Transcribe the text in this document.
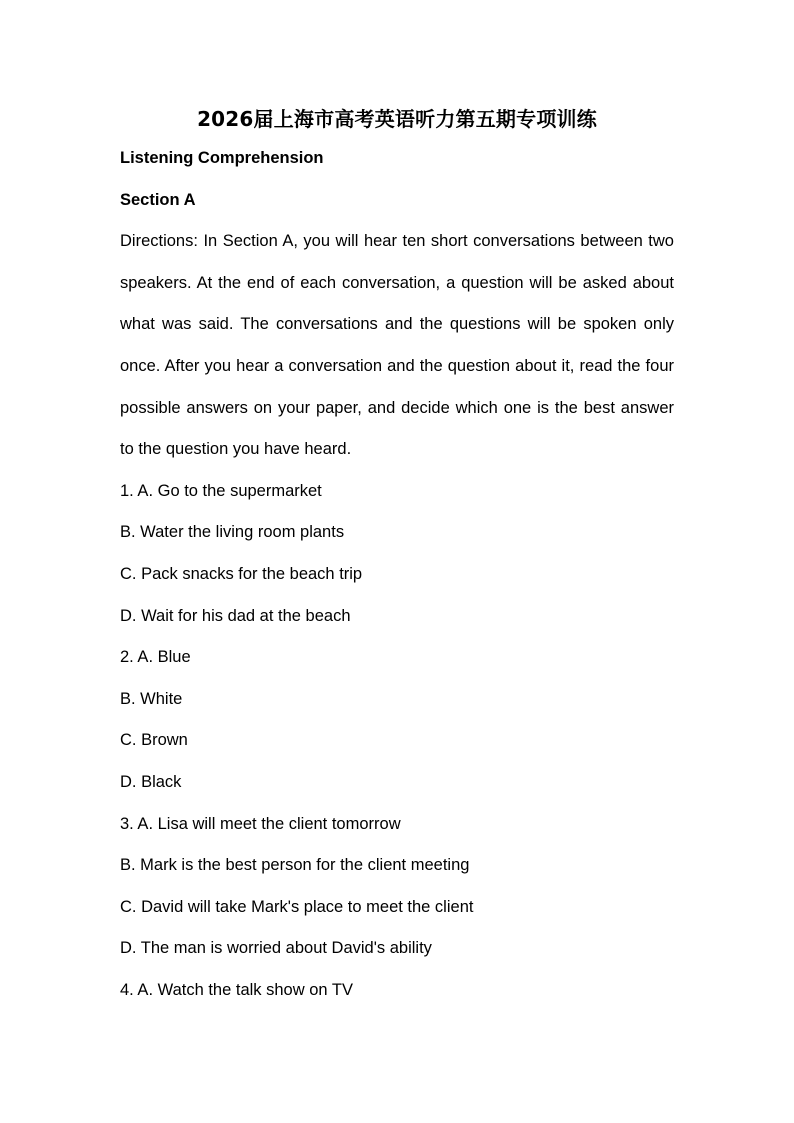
2026届上海市高考英语听力第五期专项训练

Listening Comprehension

Section A

Directions: In Section A, you will hear ten short conversations between two speakers. At the end of each conversation, a question will be asked about what was said. The conversations and the questions will be spoken only once. After you hear a conversation and the question about it, read the four possible answers on your paper, and decide which one is the best answer to the question you have heard.

1. A. Go to the supermarket

B. Water the living room plants

C. Pack snacks for the beach trip

D. Wait for his dad at the beach

2. A. Blue

B. White

C. Brown

D. Black

3. A. Lisa will meet the client tomorrow

B. Mark is the best person for the client meeting

C. David will take Mark's place to meet the client

D. The man is worried about David's ability

4. A. Watch the talk show on TV
